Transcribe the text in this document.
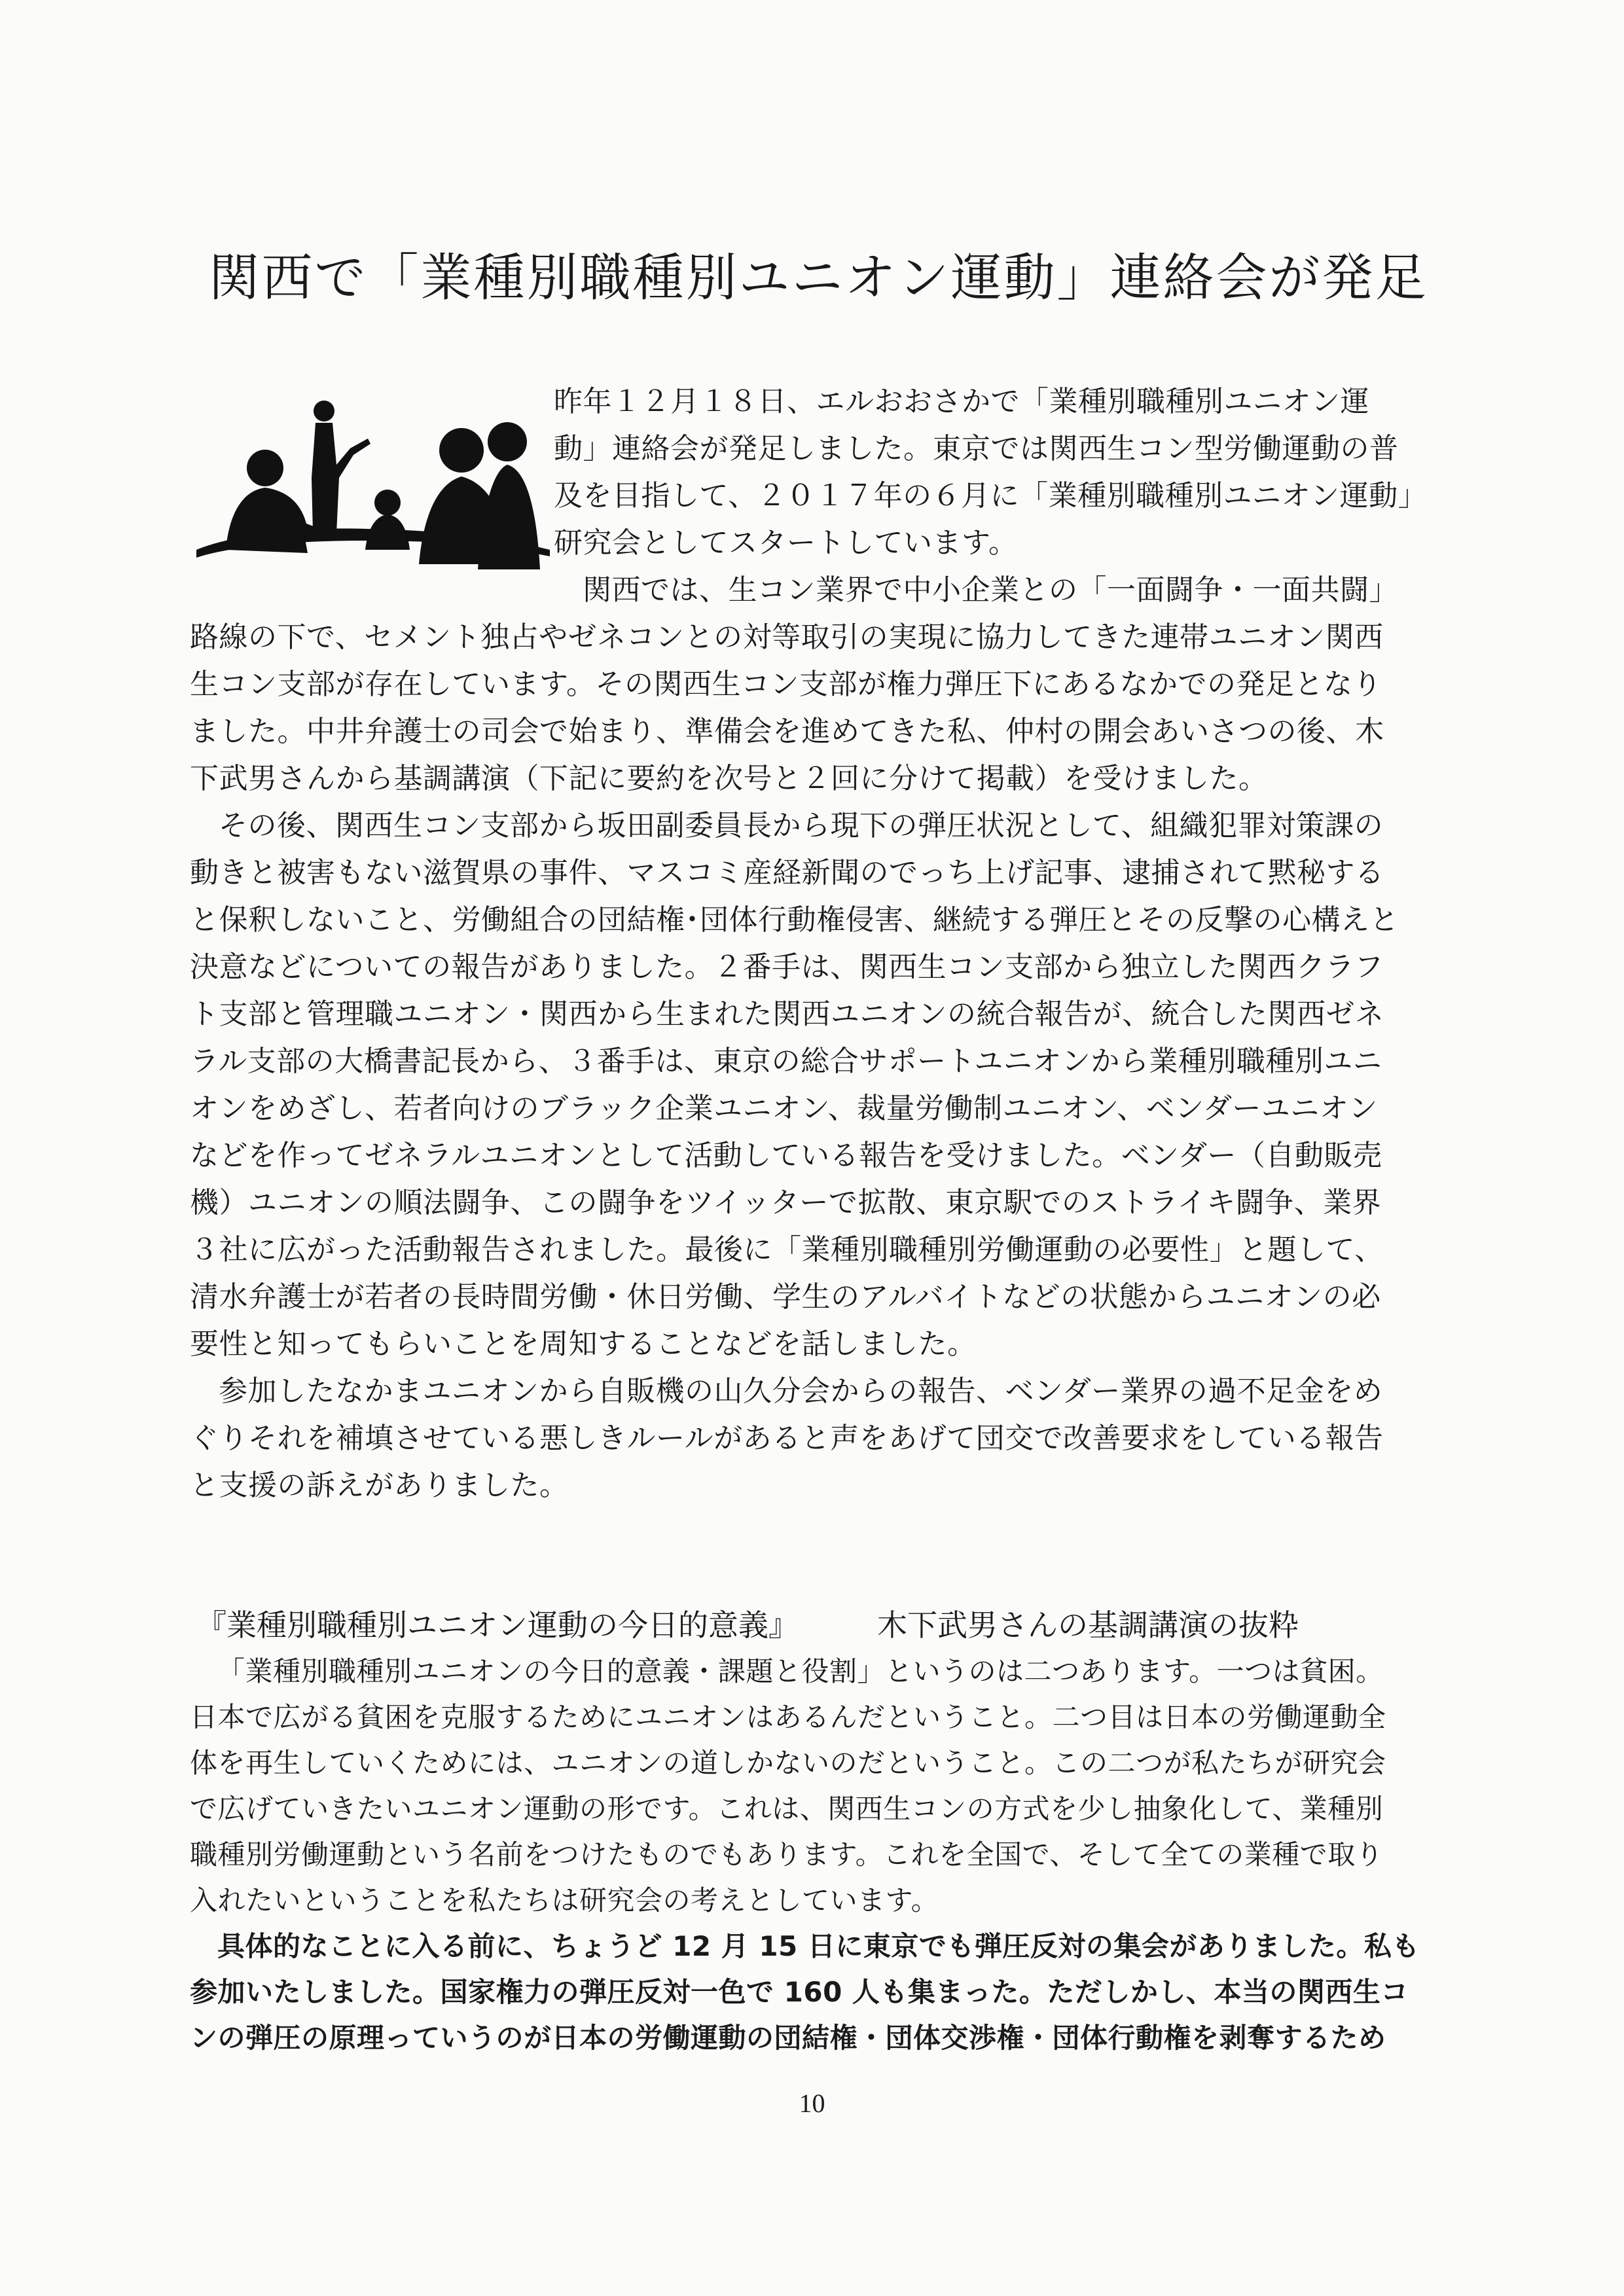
関西で「業種別職種別ユニオン運動」連絡会が発足

昨年１２月１８日、エルおおさかで「業種別職種別ユニオン運

動」連絡会が発足しました。東京では関西生コン型労働運動の普

及を目指して、２０１７年の６月に「業種別職種別ユニオン運動」

研究会としてスタートしています。

関西では、生コン業界で中小企業との「一面闘争・一面共闘」

路線の下で、セメント独占やゼネコンとの対等取引の実現に協力してきた連帯ユニオン関西

生コン支部が存在しています。その関西生コン支部が権力弾圧下にあるなかでの発足となり

ました。中井弁護士の司会で始まり、準備会を進めてきた私、仲村の開会あいさつの後、木

下武男さんから基調講演（下記に要約を次号と２回に分けて掲載）を受けました。

その後、関西生コン支部から坂田副委員長から現下の弾圧状況として、組織犯罪対策課の

動きと被害もない滋賀県の事件、マスコミ産経新聞のでっち上げ記事、逮捕されて黙秘する

と保釈しないこと、労働組合の団結権･団体行動権侵害、継続する弾圧とその反撃の心構えと

決意などについての報告がありました。２番手は、関西生コン支部から独立した関西クラフ

ト支部と管理職ユニオン・関西から生まれた関西ユニオンの統合報告が、統合した関西ゼネ

ラル支部の大橋書記長から、３番手は、東京の総合サポートユニオンから業種別職種別ユニ

オンをめざし、若者向けのブラック企業ユニオン、裁量労働制ユニオン、ベンダーユニオン

などを作ってゼネラルユニオンとして活動している報告を受けました。ベンダー（自動販売

機）ユニオンの順法闘争、この闘争をツイッターで拡散、東京駅でのストライキ闘争、業界

３社に広がった活動報告されました。最後に「業種別職種別労働運動の必要性」と題して、

清水弁護士が若者の長時間労働・休日労働、学生のアルバイトなどの状態からユニオンの必

要性と知ってもらいことを周知することなどを話しました。

参加したなかまユニオンから自販機の山久分会からの報告、ベンダー業界の過不足金をめ

ぐりそれを補填させている悪しきルールがあると声をあげて団交で改善要求をしている報告

と支援の訴えがありました。

『業種別職種別ユニオン運動の今日的意義』	木下武男さんの基調講演の抜粋

「業種別職種別ユニオンの今日的意義・課題と役割」というのは二つあります。一つは貧困。

日本で広がる貧困を克服するためにユニオンはあるんだということ。二つ目は日本の労働運動全

体を再生していくためには、ユニオンの道しかないのだということ。この二つが私たちが研究会

で広げていきたいユニオン運動の形です。これは、関西生コンの方式を少し抽象化して、業種別

職種別労働運動という名前をつけたものでもあります。これを全国で、そして全ての業種で取り

入れたいということを私たちは研究会の考えとしています。

具体的なことに入る前に、ちょうど 12 月 15 日に東京でも弾圧反対の集会がありました。私も

参加いたしました。国家権力の弾圧反対一色で 160 人も集まった。ただしかし、本当の関西生コ

ンの弾圧の原理っていうのが日本の労働運動の団結権・団体交渉権・団体行動権を剥奪するため

10
